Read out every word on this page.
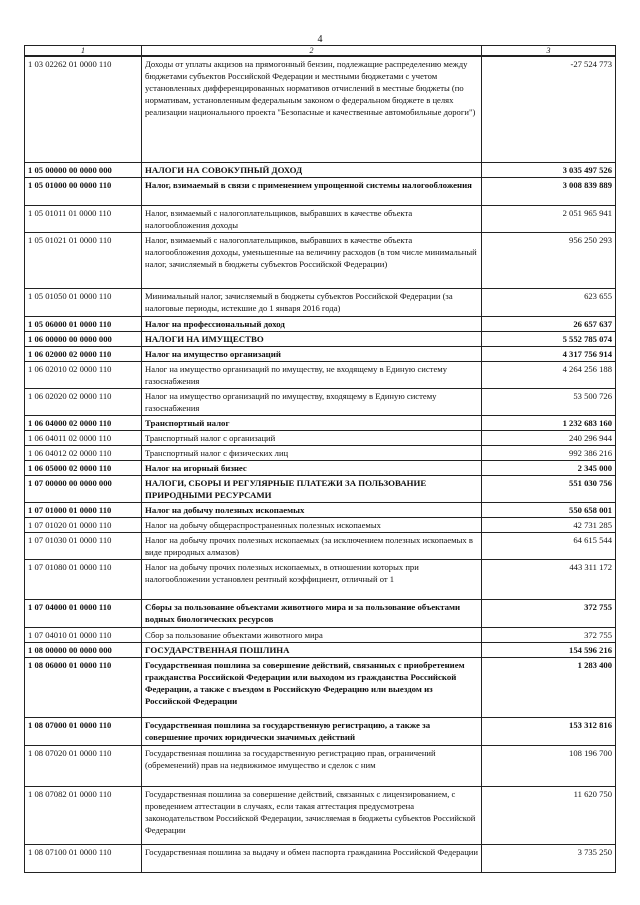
4
1	2	3
1 03 02262 01 0000 110	Доходы от уплаты акцизов на прямогонный бензин, подлежащие распределению между бюджетами субъектов Российской Федерации и местными бюджетами с учетом установленных дифференцированных нормативов отчислений в местные бюджеты (по нормативам, установленным федеральным законом о федеральном бюджете в целях реализации национального проекта "Безопасные и качественные автомобильные дороги")	-27 524 773
1 05 00000 00 0000 000	НАЛОГИ НА СОВОКУПНЫЙ ДОХОД	3 035 497 526
1 05 01000 00 0000 110	Налог, взимаемый в связи с применением упрощенной системы налогообложения	3 008 839 889
1 05 01011 01 0000 110	Налог, взимаемый с налогоплательщиков, выбравших в качестве объекта налогообложения доходы	2 051 965 941
1 05 01021 01 0000 110	Налог, взимаемый с налогоплательщиков, выбравших в качестве объекта налогообложения доходы, уменьшенные на величину расходов (в том числе минимальный налог, зачисляемый в бюджеты субъектов Российской Федерации)	956 250 293
1 05 01050 01 0000 110	Минимальный налог, зачисляемый в бюджеты субъектов Российской Федерации (за налоговые периоды, истекшие до 1 января 2016 года)	623 655
1 05 06000 01 0000 110	Налог на профессиональный доход	26 657 637
1 06 00000 00 0000 000	НАЛОГИ НА ИМУЩЕСТВО	5 552 785 074
1 06 02000 02 0000 110	Налог на имущество организаций	4 317 756 914
1 06 02010 02 0000 110	Налог на имущество организаций по имуществу, не входящему в Единую систему газоснабжения	4 264 256 188
1 06 02020 02 0000 110	Налог на имущество организаций по имуществу, входящему в Единую систему газоснабжения	53 500 726
1 06 04000 02 0000 110	Транспортный налог	1 232 683 160
1 06 04011 02 0000 110	Транспортный налог с организаций	240 296 944
1 06 04012 02 0000 110	Транспортный налог с физических лиц	992 386 216
1 06 05000 02 0000 110	Налог на игорный бизнес	2 345 000
1 07 00000 00 0000 000	НАЛОГИ, СБОРЫ И РЕГУЛЯРНЫЕ ПЛАТЕЖИ ЗА ПОЛЬЗОВАНИЕ ПРИРОДНЫМИ РЕСУРСАМИ	551 030 756
1 07 01000 01 0000 110	Налог на добычу полезных ископаемых	550 658 001
1 07 01020 01 0000 110	Налог на добычу общераспространенных полезных ископаемых	42 731 285
1 07 01030 01 0000 110	Налог на добычу прочих полезных ископаемых (за исключением полезных ископаемых в виде природных алмазов)	64 615 544
1 07 01080 01 0000 110	Налог на добычу прочих полезных ископаемых, в отношении которых при налогообложении установлен рентный коэффициент, отличный от 1	443 311 172
1 07 04000 01 0000 110	Сборы за пользование объектами животного мира и за пользование объектами водных биологических ресурсов	372 755
1 07 04010 01 0000 110	Сбор за пользование объектами животного мира	372 755
1 08 00000 00 0000 000	ГОСУДАРСТВЕННАЯ ПОШЛИНА	154 596 216
1 08 06000 01 0000 110	Государственная пошлина за совершение действий, связанных с приобретением гражданства Российской Федерации или выходом из гражданства Российской Федерации, а также с въездом в Российскую Федерацию или выездом из Российской Федерации	1 283 400
1 08 07000 01 0000 110	Государственная пошлина за государственную регистрацию, а также за совершение прочих юридически значимых действий	153 312 816
1 08 07020 01 0000 110	Государственная пошлина за государственную регистрацию прав, ограничений (обременений) прав на недвижимое имущество и сделок с ним	108 196 700
1 08 07082 01 0000 110	Государственная пошлина за совершение действий, связанных с лицензированием, с проведением аттестации в случаях, если такая аттестация предусмотрена законодательством Российской Федерации, зачисляемая в бюджеты субъектов Российской Федерации	11 620 750
1 08 07100 01 0000 110	Государственная пошлина за выдачу и обмен паспорта гражданина Российской Федерации	3 735 250
